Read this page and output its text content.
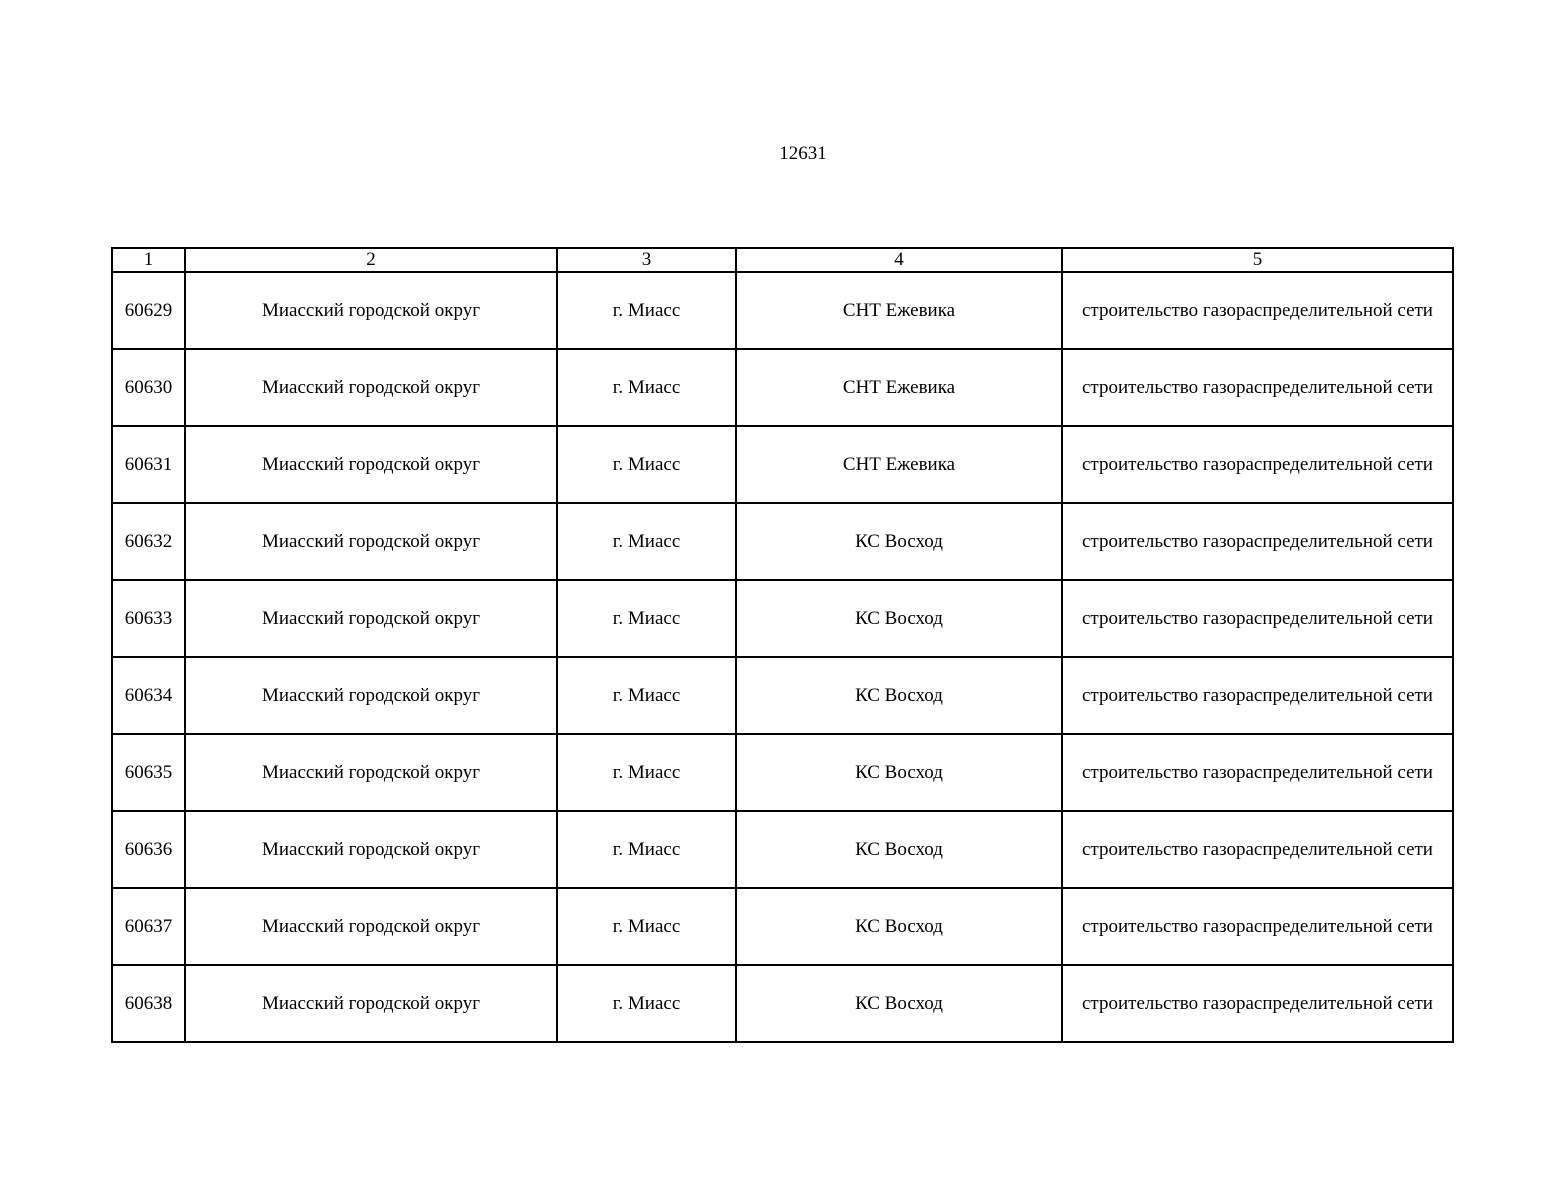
12631
1	2	3	4	5
60629	Миасский городской округ	г. Миасс	СНТ Ежевика	строительство газораспределительной сети
60630	Миасский городской округ	г. Миасс	СНТ Ежевика	строительство газораспределительной сети
60631	Миасский городской округ	г. Миасс	СНТ Ежевика	строительство газораспределительной сети
60632	Миасский городской округ	г. Миасс	КС Восход	строительство газораспределительной сети
60633	Миасский городской округ	г. Миасс	КС Восход	строительство газораспределительной сети
60634	Миасский городской округ	г. Миасс	КС Восход	строительство газораспределительной сети
60635	Миасский городской округ	г. Миасс	КС Восход	строительство газораспределительной сети
60636	Миасский городской округ	г. Миасс	КС Восход	строительство газораспределительной сети
60637	Миасский городской округ	г. Миасс	КС Восход	строительство газораспределительной сети
60638	Миасский городской округ	г. Миасс	КС Восход	строительство газораспределительной сети
